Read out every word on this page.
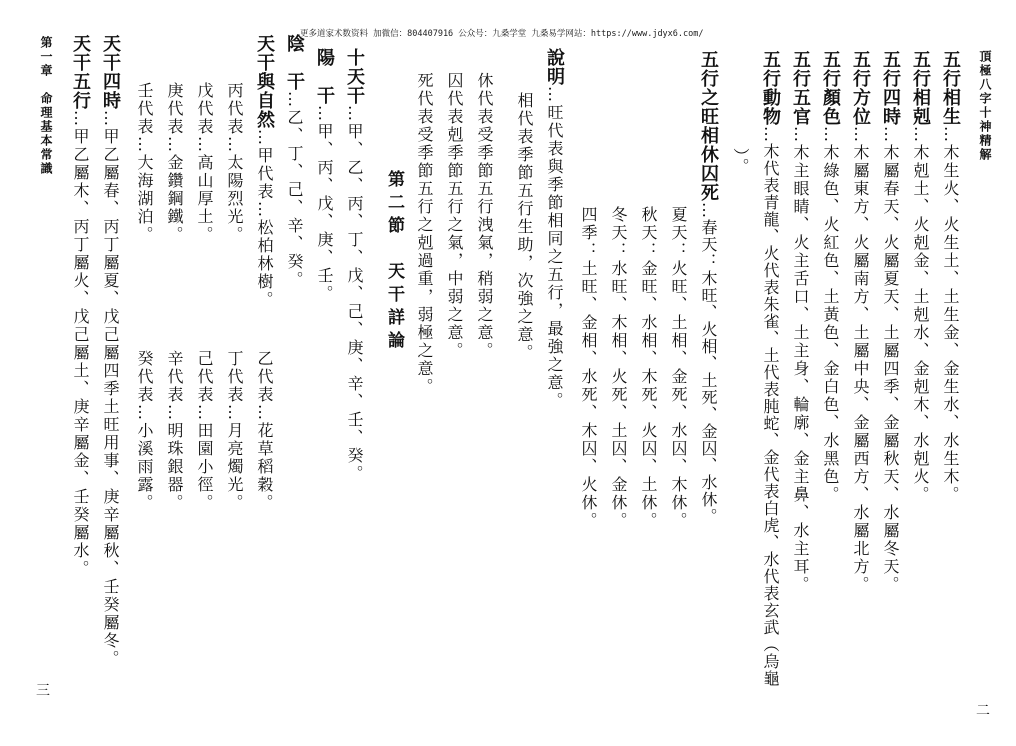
更多道家术数资料 加微信：804407916 公众号：九桑学堂 九桑易学网站：https://www.jdyx6.com/
頂極八字十神精解
五行相生…木生火、火生土、土生金、金生水、水生木。
五行相剋…木剋土、火剋金、土剋水、金剋木、水剋火。
五行四時…木屬春天、火屬夏天、土屬四季、金屬秋天、水屬冬天。
五行方位…木屬東方、火屬南方、土屬中央、金屬西方、水屬北方。
五行顏色…木綠色、火紅色、土黃色、金白色、水黑色。
五行五官…木主眼睛、火主舌口、土主身、輪廓、金主鼻、水主耳。
五行動物…木代表青龍、火代表朱雀、土代表肫蛇、金代表白虎、水代表玄武（烏龜
）。
五行之旺相休囚死…春天：木旺、火相、土死、金囚、水休。
夏天：火旺、土相、金死、水囚、木休。
秋天：金旺、水相、木死、火囚、土休。
冬天：水旺、木相、火死、土囚、金休。
四季：土旺、金相、水死、木囚、火休。
說明…旺代表與季節相同之五行，最強之意。
相代表季節五行生助，次強之意。
二
休代表受季節五行洩氣，稍弱之意。
囚代表剋季節五行之氣，中弱之意。
死代表受季節五行之剋過重，弱極之意。
第二節　天干詳論
十天干…甲、乙、丙、丁、戊、己、庚、辛、壬、癸。
陽　干…甲、丙、戊、庚、壬。
陰　干…乙、丁、己、辛、癸。
天干與自然…甲代表…松柏林樹。
乙代表…花草稻穀。
丙代表…太陽烈光。
丁代表…月亮燭光。
戊代表…高山厚土。
己代表…田園小徑。
庚代表…金鑽鋼鐵。
辛代表…明珠銀器。
壬代表…大海湖泊。
癸代表…小溪雨露。
天干四時…甲乙屬春、丙丁屬夏、戊己屬四季土旺用事、庚辛屬秋、壬癸屬冬。
天干五行…甲乙屬木、丙丁屬火、戊己屬土、庚辛屬金、壬癸屬水。
第一章　命理基本常識
三
